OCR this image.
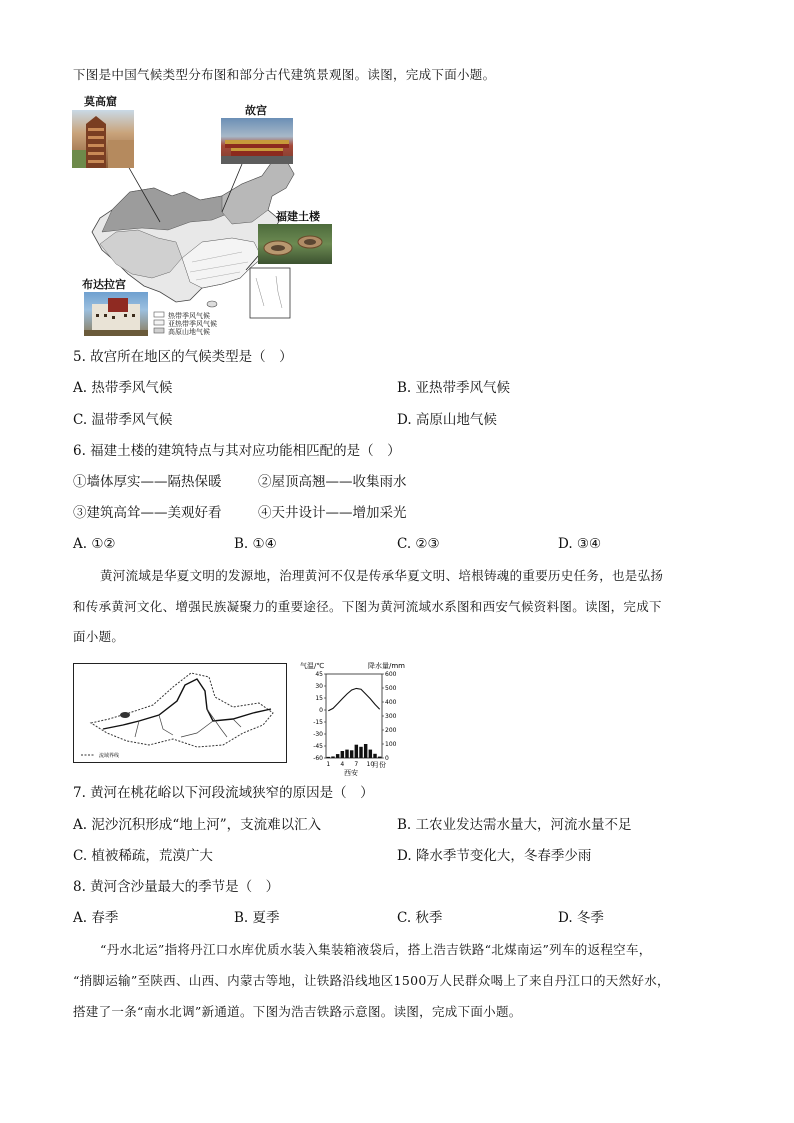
下图是中国气候类型分布图和部分古代建筑景观图。读图，完成下面小题。
莫高窟
故宫
福建土楼
布达拉宫
热带季风气候
亚热带季风气候
高原山地气候
5. 故宫所在地区的气候类型是（　）
A. 热带季风气候	B. 亚热带季风气候
C. 温带季风气候	D. 高原山地气候
6. 福建土楼的建筑特点与其对应功能相匹配的是（　）
①墙体厚实——隔热保暖	②屋顶高翘——收集雨水
③建筑高耸——美观好看	④天井设计——增加采光
A. ①②	B. ①④	C. ②③	D. ③④
黄河流域是华夏文明的发源地，治理黄河不仅是传承华夏文明、培根铸魂的重要历史任务，也是弘扬
和传承黄河文化、增强民族凝聚力的重要途径。下图为黄河流域水系图和西安气候资料图。读图，完成下
面小题。
流域界线
气温/℃	降水量/mm
45
30
15
0
-15
-30
-45
-60
600
500
400
300
200
100
0
1 4 7 10
月份
西安
7. 黄河在桃花峪以下河段流域狭窄的原因是（　）
A. 泥沙沉积形成“地上河”，支流难以汇入	B. 工农业发达需水量大，河流水量不足
C. 植被稀疏，荒漠广大	D. 降水季节变化大，冬春季少雨
8. 黄河含沙量最大的季节是（　）
A. 春季	B. 夏季	C. 秋季	D. 冬季
“丹水北运”指将丹江口水库优质水装入集装箱液袋后，搭上浩吉铁路“北煤南运”列车的返程空车，
“捎脚运输”至陕西、山西、内蒙古等地，让铁路沿线地区1500万人民群众喝上了来自丹江口的天然好水，
搭建了一条“南水北调”新通道。下图为浩吉铁路示意图。读图，完成下面小题。
